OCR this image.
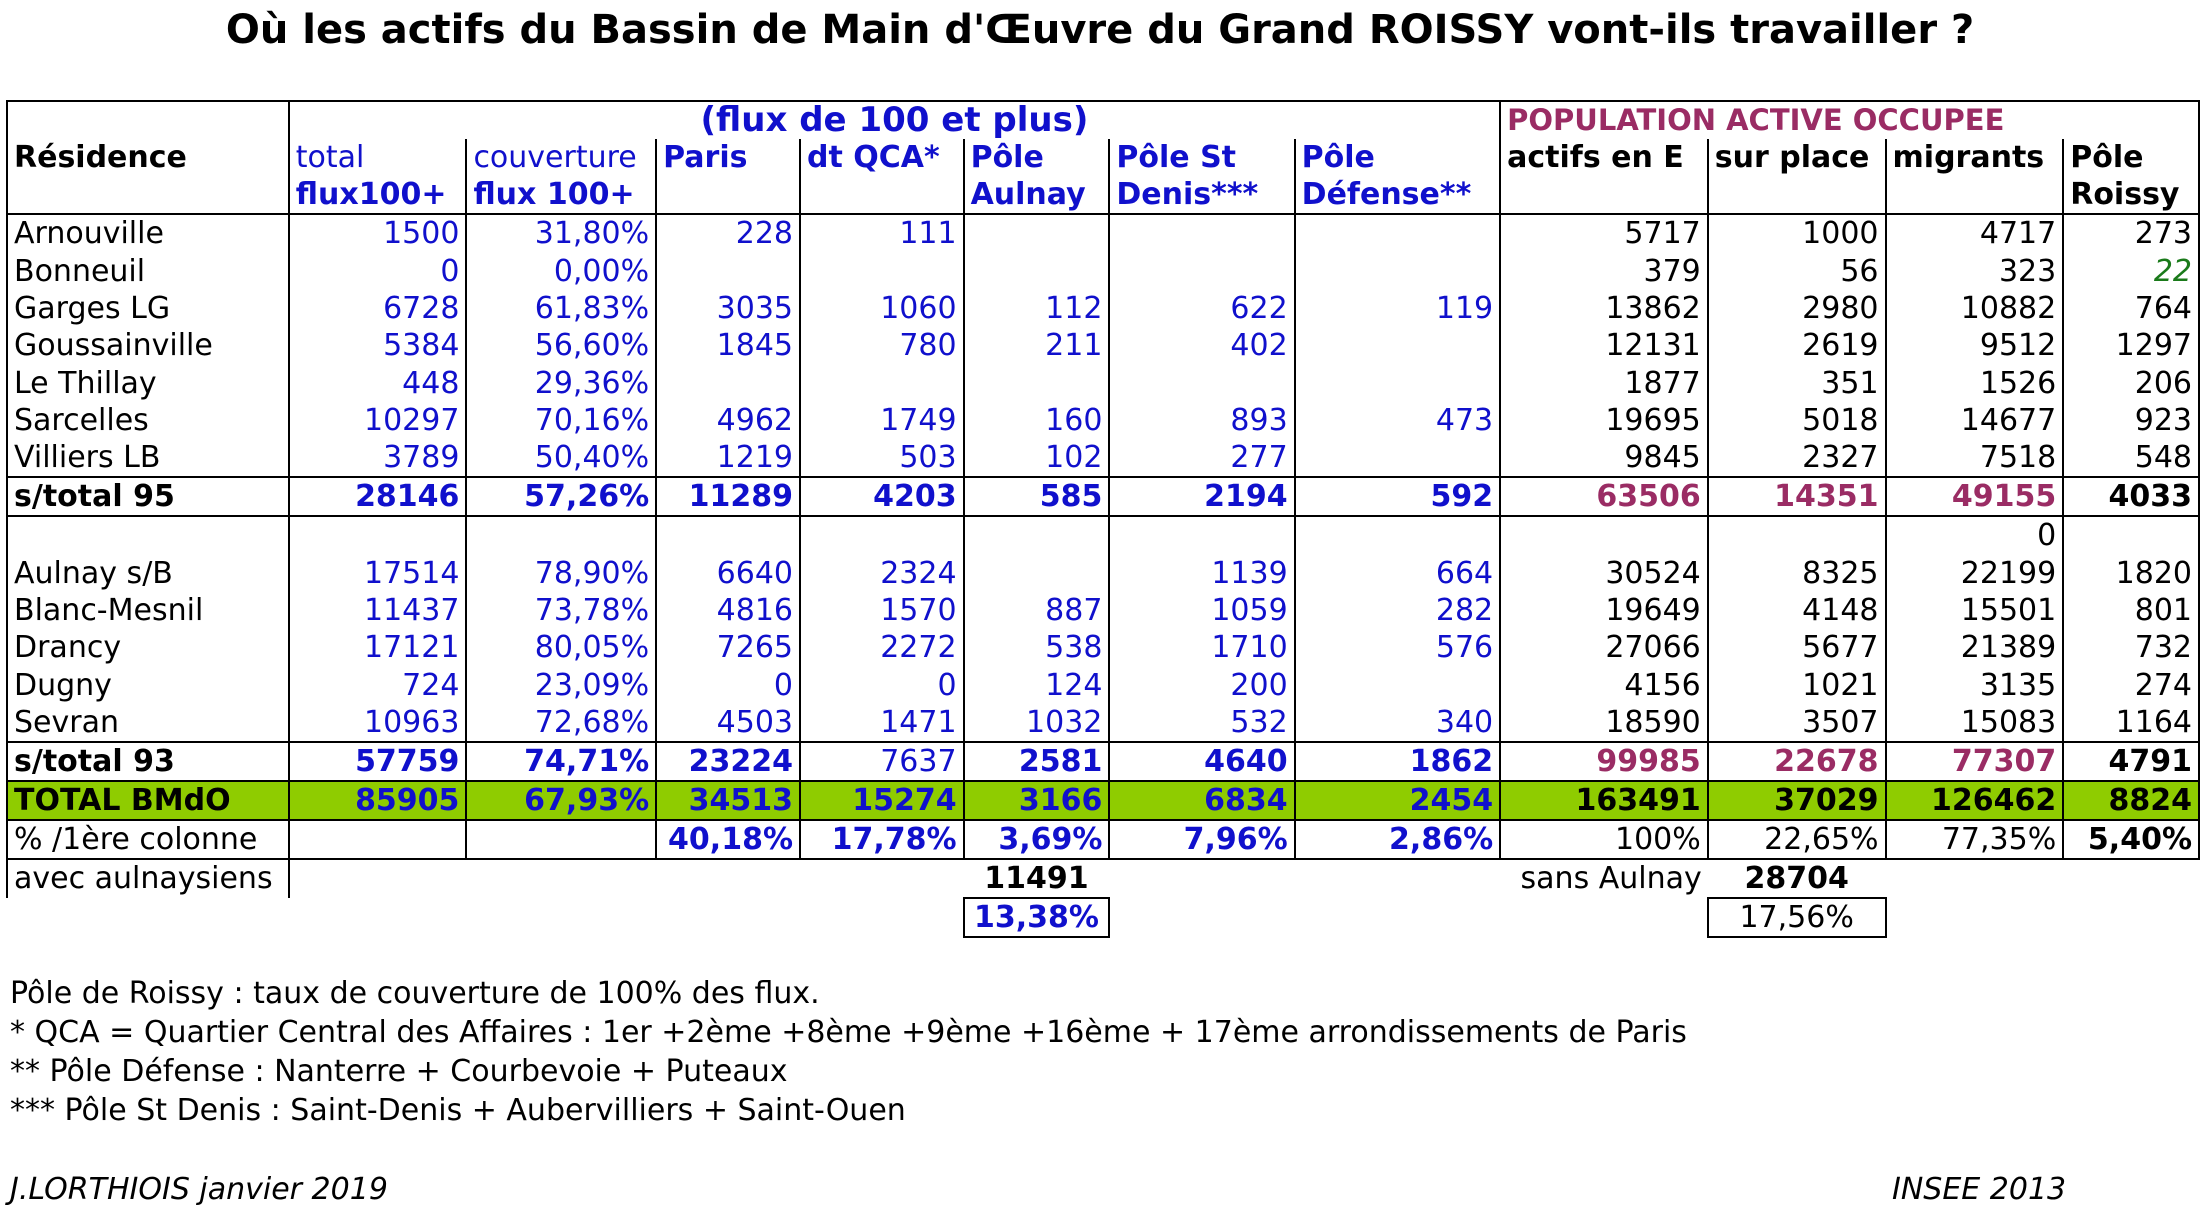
Où les actifs du Bassin de Main d'Œuvre du Grand ROISSY vont-ils travailler ?
	(flux de 100 et plus)							POPULATION ACTIVE OCCUPEE			
Résidence	total	couverture	Paris	dt QCA*	Pôle	Pôle St	Pôle	actifs en E	sur place	migrants	Pôle
	flux100+	flux 100+			Aulnay	Denis***	Défense**				Roissy
Arnouville	1500	31,80%	228	111				5717	1000	4717	273
Bonneuil	0	0,00%						379	56	323	22
Garges LG	6728	61,83%	3035	1060	112	622	119	13862	2980	10882	764
Goussainville	5384	56,60%	1845	780	211	402		12131	2619	9512	1297
Le Thillay	448	29,36%						1877	351	1526	206
Sarcelles	10297	70,16%	4962	1749	160	893	473	19695	5018	14677	923
Villiers LB	3789	50,40%	1219	503	102	277		9845	2327	7518	548
s/total 95	28146	57,26%	11289	4203	585	2194	592	63506	14351	49155	4033
										0	
Aulnay s/B	17514	78,90%	6640	2324		1139	664	30524	8325	22199	1820
Blanc-Mesnil	11437	73,78%	4816	1570	887	1059	282	19649	4148	15501	801
Drancy	17121	80,05%	7265	2272	538	1710	576	27066	5677	21389	732
Dugny	724	23,09%	0	0	124	200		4156	1021	3135	274
Sevran	10963	72,68%	4503	1471	1032	532	340	18590	3507	15083	1164
s/total 93	57759	74,71%	23224	7637	2581	4640	1862	99985	22678	77307	4791
TOTAL BMdO	85905	67,93%	34513	15274	3166	6834	2454	163491	37029	126462	8824
% /1ère colonne			40,18%	17,78%	3,69%	7,96%	2,86%	100%	22,65%	77,35%	5,40%
avec aulnaysiens					11491			sans Aulnay	28704		
					13,38%				17,56%		
Pôle de Roissy : taux de couverture de 100% des flux.
* QCA = Quartier Central des Affaires : 1er +2ème +8ème +9ème +16ème + 17ème arrondissements de Paris
** Pôle Défense : Nanterre + Courbevoie + Puteaux
*** Pôle St Denis : Saint-Denis + Aubervilliers + Saint-Ouen
J.LORTHIOIS janvier 2019	INSEE 2013
